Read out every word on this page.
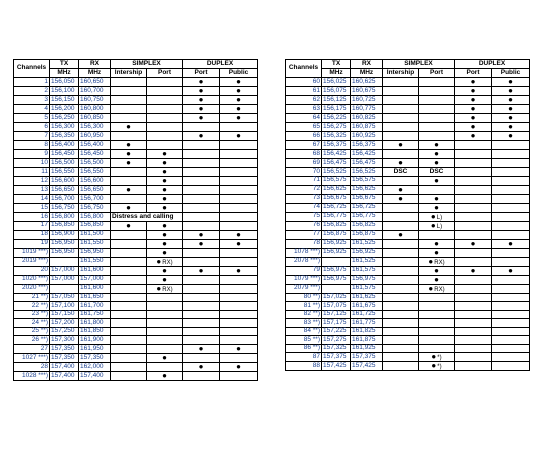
Channels	TX	RX	SIMPLEX		DUPLEX	
	MHz	MHz	Intership	Port	Port	Public
1	156,050	160,650			●	●
2	156,100	160,700			●	●
3	156,150	160,750			●	●
4	156,200	160,800			●	●
5	156,250	160,850			●	●
6	156,300	156,300	●			
7	156,350	160,950			●	●
8	156,400	156,400	●			
9	156,450	156,450	●	●		
10	156,500	156,500	●	●		
11	156,550	156,550		●		
12	156,600	156,600		●		
13	156,650	156,650	●	●		
14	156,700	156,700		●		
15	156,750	156,750	●	●		
16	156,800	156,800	Distress and calling			
17	156,850	156,850	●	●		
18	156,900	161,500		●	●	●
19	156,950	161,550		●	●	●
1019 ***)	156,950	156,950		●		
2019 ***)		161,550		●RX)		
20	157,000	161,600		●	●	●
1020 ***)	157,000	157,000		●		
2020 ***)		161,600		●RX)		
21 **)	157,050	161,650				
22 **)	157,100	161,700				
23 **)	157,150	161,750				
24 **)	157,200	161,800				
25 **)	157,250	161,850				
26 **)	157,300	161,900				
27	157,350	161,950			●	●
1027 ***)	157,350	157,350		●		
28	157,400	162,000			●	●
1028 ***)	157,400	157,400		●		
Channels	TX	RX	SIMPLEX		DUPLEX	
	MHz	MHz	Intership	Port	Port	Public
60	156,025	160,625			●	●
61	156,075	160,675			●	●
62	156,125	160,725			●	●
63	156,175	160,775			●	●
64	156,225	160,825			●	●
65	156,275	160,875			●	●
66	156,325	160,925			●	●
67	156,375	156,375	●	●		
68	156,425	156,425		●		
69	156,475	156,475	●	●		
70	156,525	156,525	DSC	DSC		
71	156,575	156,575		●		
72	156,625	156,625	●			
73	156,675	156,675	●	●		
74	156,725	156,725		●		
75	156,775	156,775		●L)		
76	156,825	156,825		●L)		
77	156,875	156,875	●			
78	156,925	161,525		●	●	●
1078 ***)	156,925	156,925		●		
2078 ***)		161,525		●RX)		
79	156,975	161,575		●	●	●
1079 ***)	156,975	156,975		●		
2079 ***)		161,575		●RX)		
80 **)	157,025	161,625				
81 **)	157,075	161,675				
82 **)	157,125	161,725				
83 **)	157,175	161,775				
84 **)	157,225	161,825				
85 **)	157,275	161,875				
86 **)	157,325	161,925				
87	157,375	157,375		●*)		
88	157,425	157,425		●*)		
